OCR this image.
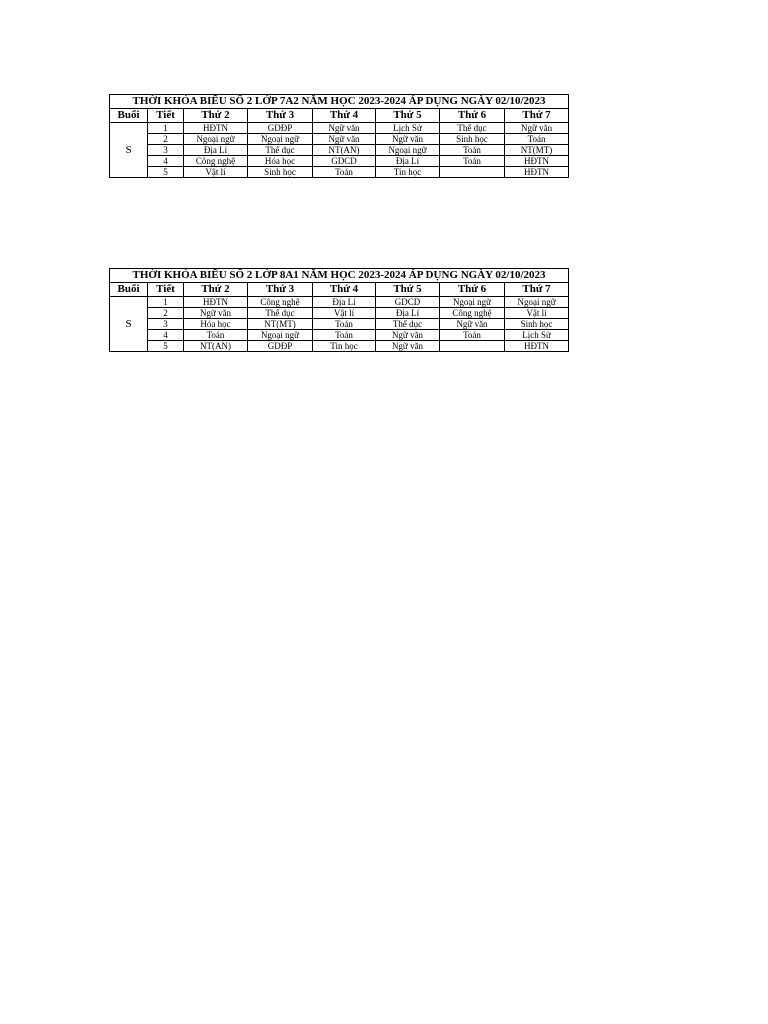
THỜI KHÓA BIỂU SỐ 2 LỚP 7A2 NĂM HỌC 2023-2024 ÁP DỤNG NGÀY 02/10/2023							
Buổi	Tiết	Thứ 2	Thứ 3	Thứ 4	Thứ 5	Thứ 6	Thứ 7
S	1	HĐTN	GDĐP	Ngữ văn	Lịch Sử	Thể dục	Ngữ văn
	2	Ngoại ngữ	Ngoại ngữ	Ngữ văn	Ngữ văn	Sinh học	Toán
	3	Địa Lí	Thể dục	NT(AN)	Ngoại ngữ	Toán	NT(MT)
	4	Công nghệ	Hóa học	GDCD	Địa Lí	Toán	HĐTN
	5	Vật lí	Sinh học	Toán	Tin học		HĐTN
THỜI KHÓA BIỂU SỐ 2 LỚP 8A1 NĂM HỌC 2023-2024 ÁP DỤNG NGÀY 02/10/2023							
Buổi	Tiết	Thứ 2	Thứ 3	Thứ 4	Thứ 5	Thứ 6	Thứ 7
S	1	HĐTN	Công nghệ	Địa Lí	GDCD	Ngoại ngữ	Ngoại ngữ
	2	Ngữ văn	Thể dục	Vật lí	Địa Lí	Công nghệ	Vật lí
	3	Hóa học	NT(MT)	Toán	Thể dục	Ngữ văn	Sinh học
	4	Toán	Ngoại ngữ	Toán	Ngữ văn	Toán	Lịch Sử
	5	NT(AN)	GDĐP	Tin học	Ngữ văn		HĐTN
